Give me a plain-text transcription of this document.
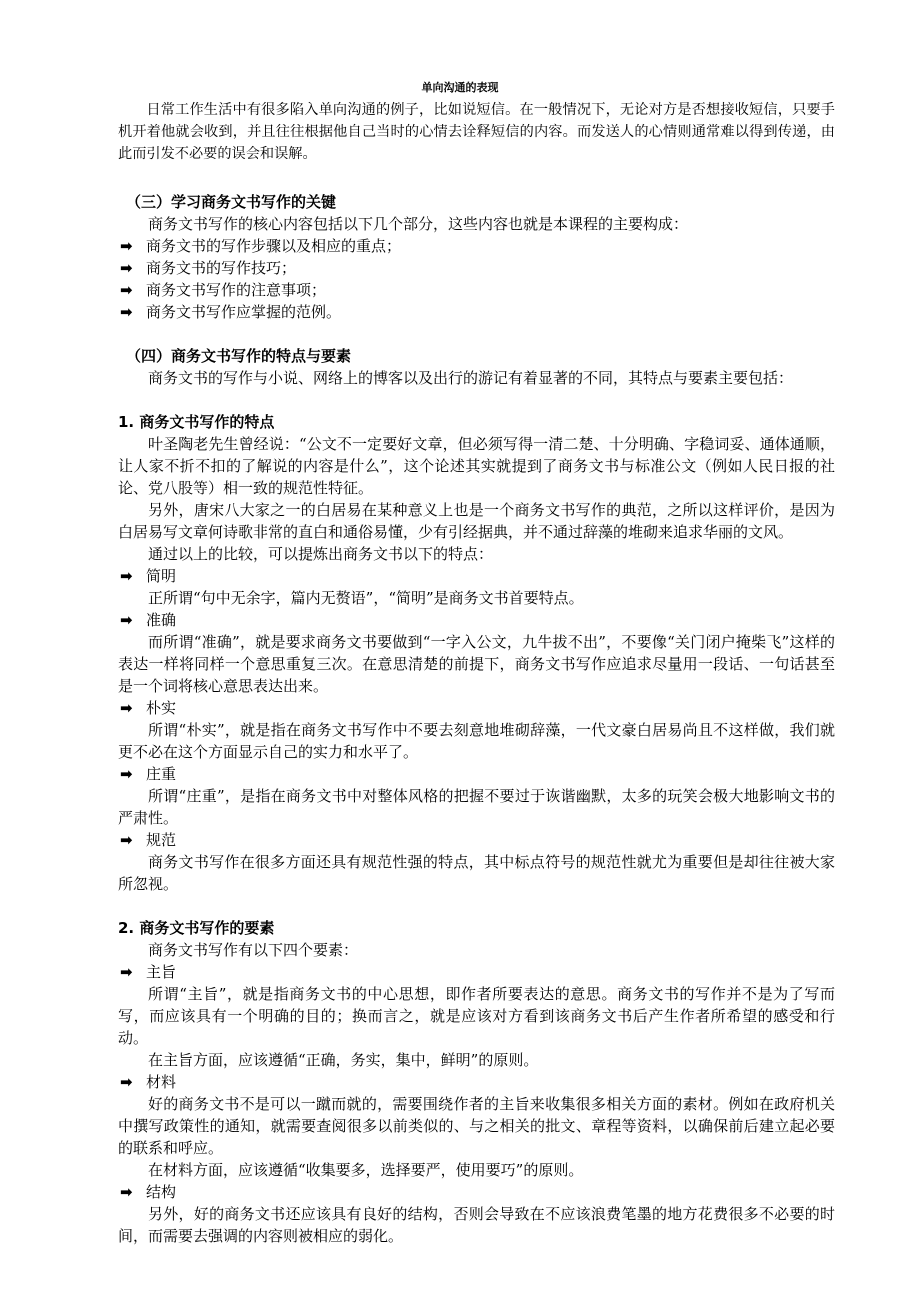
单向沟通的表现

日常工作生活中有很多陷入单向沟通的例子，比如说短信。在一般情况下，无论对方是否想接收短信，只要手机开着他就会收到，并且往往根据他自己当时的心情去诠释短信的内容。而发送人的心情则通常难以得到传递，由此而引发不必要的误会和误解。

（三）学习商务文书写作的关键

商务文书写作的核心内容包括以下几个部分，这些内容也就是本课程的主要构成：

➡ 商务文书的写作步骤以及相应的重点；

➡ 商务文书的写作技巧；

➡ 商务文书写作的注意事项；

➡ 商务文书写作应掌握的范例。

（四）商务文书写作的特点与要素

商务文书的写作与小说、网络上的博客以及出行的游记有着显著的不同，其特点与要素主要包括：

1. 商务文书写作的特点

叶圣陶老先生曾经说：“公文不一定要好文章，但必须写得一清二楚、十分明确、字稳词妥、通体通顺，让人家不折不扣的了解说的内容是什么”，这个论述其实就提到了商务文书与标准公文（例如人民日报的社论、党八股等）相一致的规范性特征。

另外，唐宋八大家之一的白居易在某种意义上也是一个商务文书写作的典范，之所以这样评价，是因为白居易写文章何诗歌非常的直白和通俗易懂，少有引经据典，并不通过辞藻的堆砌来追求华丽的文风。

通过以上的比较，可以提炼出商务文书以下的特点：

➡ 简明

正所谓“句中无余字，篇内无赘语”，“简明”是商务文书首要特点。

➡ 准确

而所谓“准确”，就是要求商务文书要做到“一字入公文，九牛拔不出”，不要像“关门闭户掩柴飞”这样的表达一样将同样一个意思重复三次。在意思清楚的前提下，商务文书写作应追求尽量用一段话、一句话甚至是一个词将核心意思表达出来。

➡ 朴实

所谓“朴实”，就是指在商务文书写作中不要去刻意地堆砌辞藻，一代文豪白居易尚且不这样做，我们就更不必在这个方面显示自己的实力和水平了。

➡ 庄重

所谓“庄重”，是指在商务文书中对整体风格的把握不要过于诙谐幽默，太多的玩笑会极大地影响文书的严肃性。

➡ 规范

商务文书写作在很多方面还具有规范性强的特点，其中标点符号的规范性就尤为重要但是却往往被大家所忽视。

2. 商务文书写作的要素

商务文书写作有以下四个要素：

➡ 主旨

所谓“主旨”，就是指商务文书的中心思想，即作者所要表达的意思。商务文书的写作并不是为了写而写，而应该具有一个明确的目的；换而言之，就是应该对方看到该商务文书后产生作者所希望的感受和行动。

在主旨方面，应该遵循“正确，务实，集中，鲜明”的原则。

➡ 材料

好的商务文书不是可以一蹴而就的，需要围绕作者的主旨来收集很多相关方面的素材。例如在政府机关中撰写政策性的通知，就需要查阅很多以前类似的、与之相关的批文、章程等资料，以确保前后建立起必要的联系和呼应。

在材料方面，应该遵循“收集要多，选择要严，使用要巧”的原则。

➡ 结构

另外，好的商务文书还应该具有良好的结构，否则会导致在不应该浪费笔墨的地方花费很多不必要的时间，而需要去强调的内容则被相应的弱化。
